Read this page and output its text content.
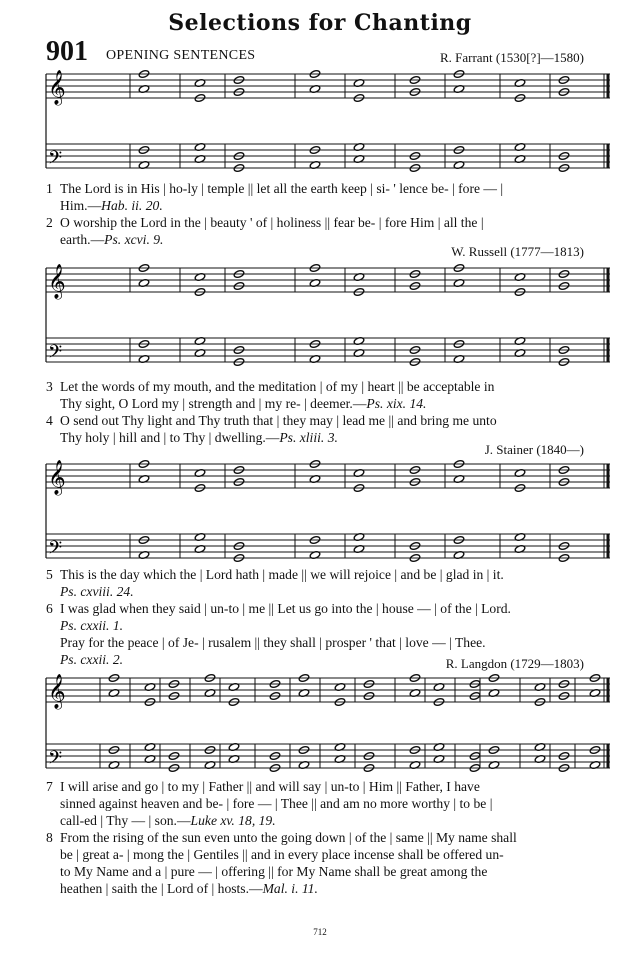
Selections for Chanting
901 OPENING SENTENCES	R. Farrant (1530[?]—1580)
𝄞
𝄢
1 The Lord is in His | ho-ly | temple || let all the earth keep | si- ' lence be- | fore — |
Him.—Hab. ii. 20.
2 O worship the Lord in the | beauty ' of | holiness || fear be- | fore Him | all the |
earth.—Ps. xcvi. 9.
W. Russell (1777—1813)
𝄞
𝄢
3 Let the words of my mouth, and the meditation | of my | heart || be acceptable in
Thy sight, O Lord my | strength and | my re- | deemer.—Ps. xix. 14.
4 O send out Thy light and Thy truth that | they may | lead me || and bring me unto
Thy holy | hill and | to Thy | dwelling.—Ps. xliii. 3.
J. Stainer (1840—)
𝄞
𝄢
5 This is the day which the | Lord hath | made || we will rejoice | and be | glad in | it.
Ps. cxviii. 24.
6 I was glad when they said | un-to | me || Let us go into the | house — | of the | Lord.
Ps. cxxii. 1.
Pray for the peace | of Je- | rusalem || they shall | prosper ' that | love — | Thee.
Ps. cxxii. 2.	R. Langdon (1729—1803)
𝄞
𝄢
7 I will arise and go | to my | Father || and will say | un-to | Him || Father, I have
sinned against heaven and be- | fore — | Thee || and am no more worthy | to be |
call-ed | Thy — | son.—Luke xv. 18, 19.
8 From the rising of the sun even unto the going down | of the | same || My name shall
be | great a- | mong the | Gentiles || and in every place incense shall be offered un-
to My Name and a | pure — | offering || for My Name shall be great among the
heathen | saith the | Lord of | hosts.—Mal. i. 11.
712
